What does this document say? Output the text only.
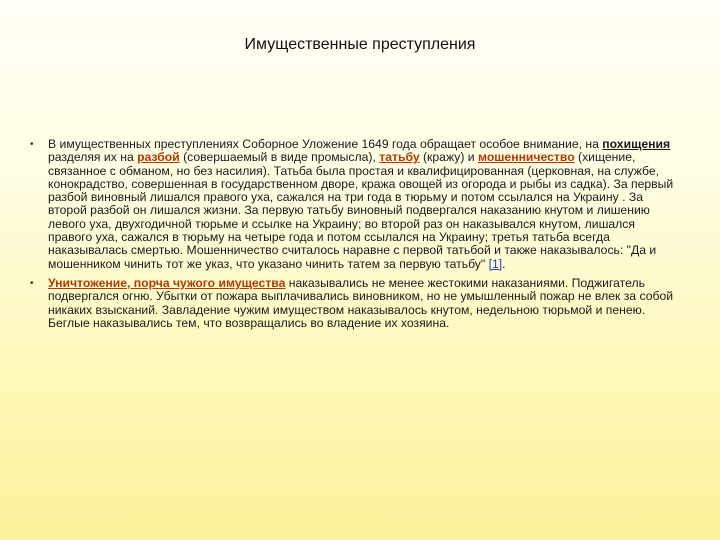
Имущественные преступления
• В имущественных преступлениях Соборное Уложение 1649 года обращает особое внимание, на похищения разделяя их на разбой (совершаемый в виде промысла), татьбу (кражу) и мошенничество (хищение, связанное с обманом, но без насилия). Татьба была простая и квалифицированная (церковная, на службе, конокрадство, совершенная в государственном дворе, кража овощей из огорода и рыбы из садка). За первый разбой виновный лишался правого уха, сажался на три года в тюрьму и потом ссылался на Украину . За второй разбой он лишался жизни. За первую татьбу виновный подвергался наказанию кнутом и лишению левого уха, двухгодичной тюрьме и ссылке на Украину; во второй раз он наказывался кнутом, лишался правого уха, сажался в тюрьму на четыре года и потом ссылался на Украину; третья татьба всегда наказывалась смертью. Мошенничество считалось наравне с первой татьбой и также наказывалось: "Да и мошенником чинить тот же указ, что указано чинить татем за первую татьбу" [1].
• Уничтожение, порча чужого имущества наказывались не менее жестокими наказаниями. Поджигатель подвергался огню. Убытки от пожара выплачивались виновником, но не умышленный пожар не влек за собой никаких взысканий. Завладение чужим имуществом наказывалось кнутом, недельною тюрьмой и пенею. Беглые наказывались тем, что возвращались во владение их хозяина.
